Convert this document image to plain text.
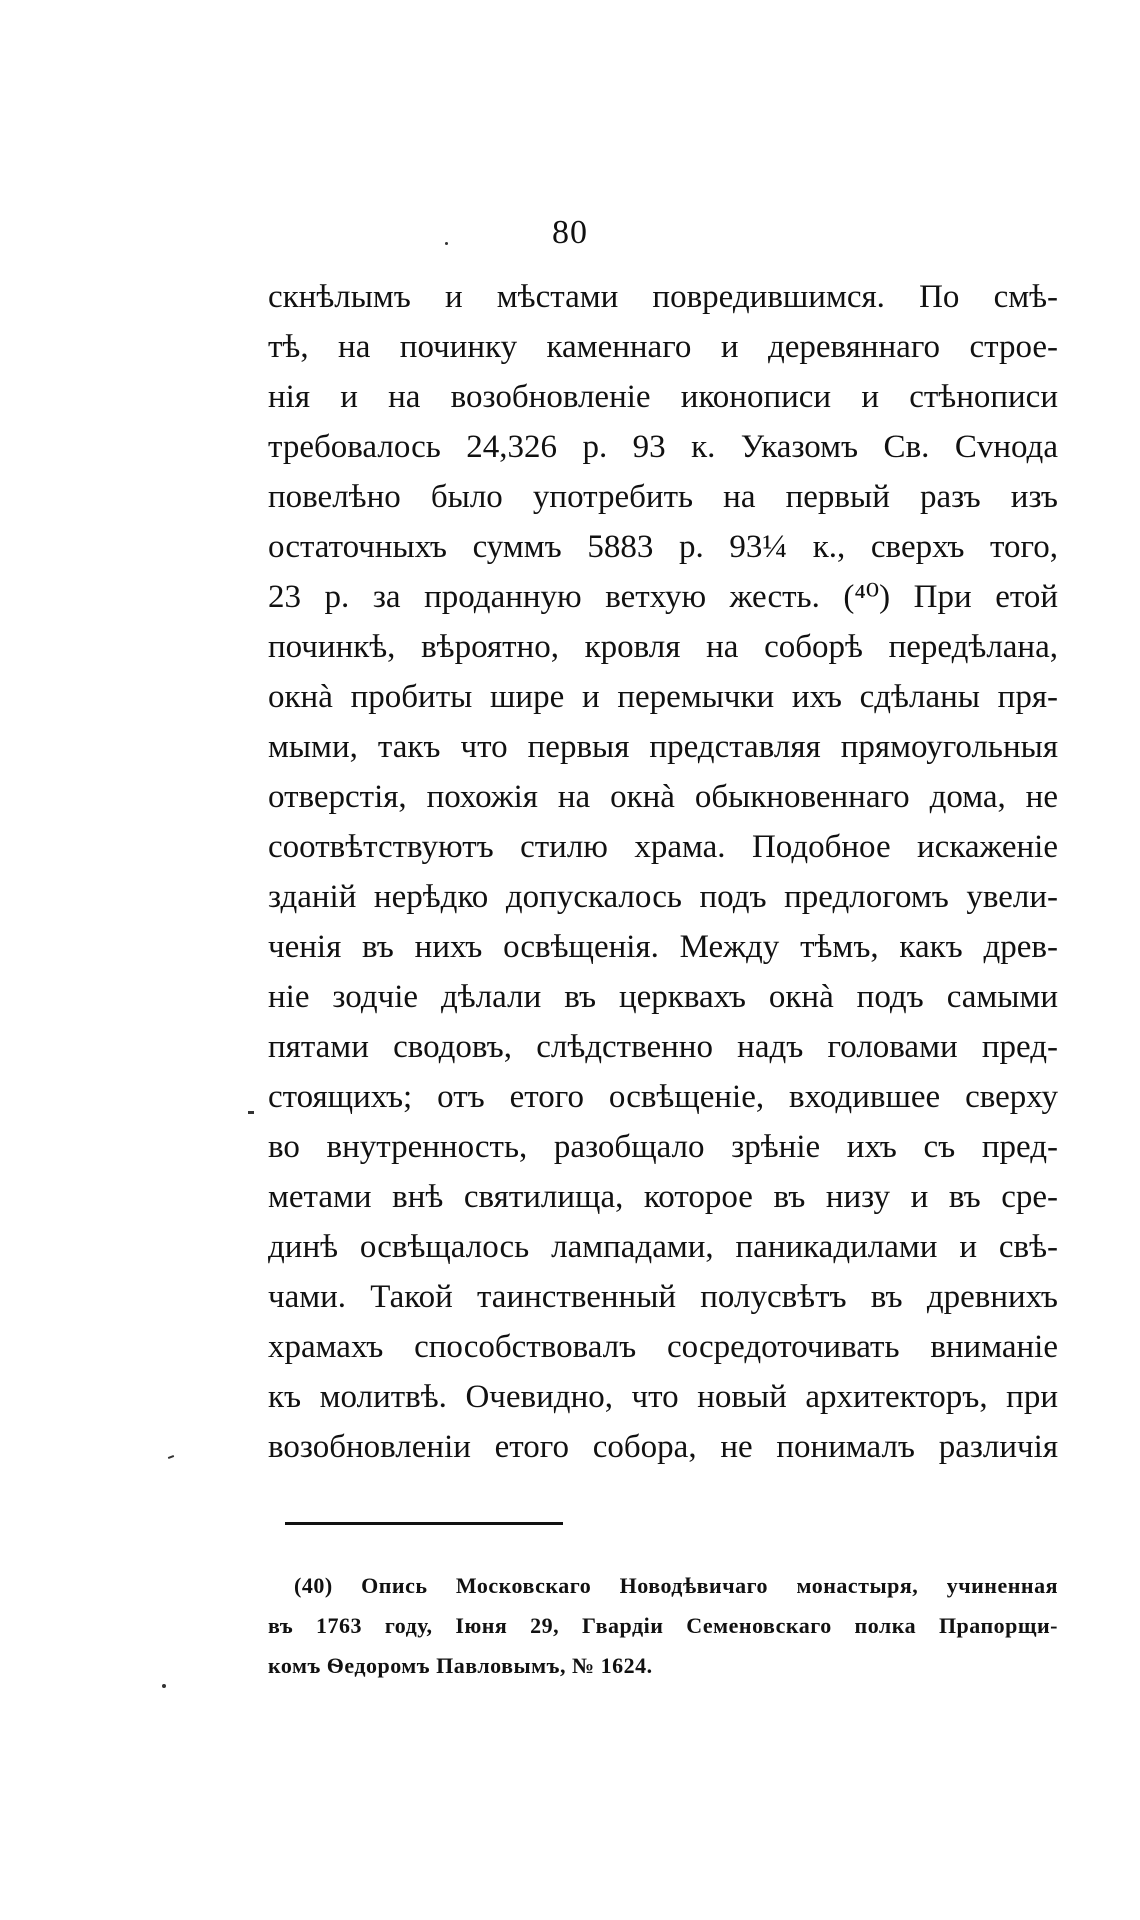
80
скнѣлымъ и мѣстами повредившимся. По смѣ-
тѣ, на починку каменнаго и деревяннаго строе-
нія и на возобновленіе иконописи и стѣнописи
требовалось 24,326 р. 93 к. Указомъ Св. Сvнода
повелѣно было употребить на первый разъ изъ
остаточныхъ суммъ 5883 р. 93¼ к., сверхъ того,
23 р. за проданную ветхую жесть. (⁴⁰) При етой
починкѣ, вѣроятно, кровля на соборѣ передѣлана,
окнà пробиты шире и перемычки ихъ сдѣланы пря-
мыми, такъ что первыя представляя прямоугольныя
отверстія, похожія на окнà обыкновеннаго дома, не
соотвѣтствуютъ стилю храма. Подобное искаженіе
зданій нерѣдко допускалось подъ предлогомъ увели-
ченія въ нихъ освѣщенія. Между тѣмъ, какъ древ-
ніе зодчіе дѣлали въ церквахъ окнà подъ самыми
пятами сводовъ, слѣдственно надъ головами пред-
стоящихъ; отъ етого освѣщеніе, входившее сверху
во внутренность, разобщало зрѣніе ихъ съ пред-
метами внѣ святилища, которое въ низу и въ сре-
динѣ освѣщалось лампадами, паникадилами и свѣ-
чами. Такой таинственный полусвѣтъ въ древнихъ
храмахъ способствовалъ сосредоточивать вниманіе
къ молитвѣ. Очевидно, что новый архитекторъ, при
возобновленіи етого собора, не понималъ различія
(40) Опись Московскаго Новодѣвичаго монастыря, учиненная
въ 1763 году, Іюня 29, Гвардіи Семеновскаго полка Прапорщи-
комъ Ѳедоромъ Павловымъ, № 1624.
